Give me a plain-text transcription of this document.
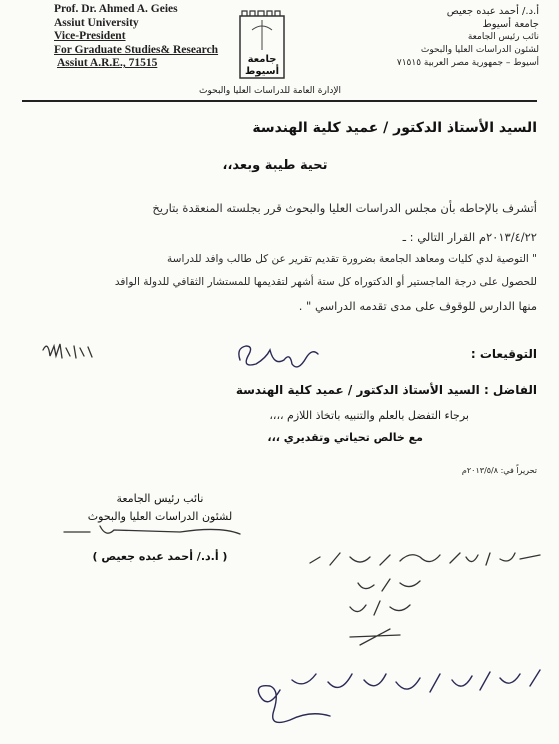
Prof. Dr. Ahmed A. Geies
Assiut University
Vice-President
For Graduate Studies& Research
Assiut A.R.E., 71515	جامعة
أسيوط
أ.د./ أحمد عبده جعيص
جامعة أسيوط
نائب رئيس الجامعة
لشئون الدراسات العليا والبحوث
أسيوط – جمهورية مصر العربية ٧١٥١٥
الإدارة العامة للدراسات العليا والبحوث
السيد الأستاذ الدكتور / عميد كلية الهندسة
تحية طيبة وبعد،،
أتشرف بالإحاطه بأن مجلس الدراسات العليا والبحوث قرر بجلسته المنعقدة بتاريخ
٢٠١٣/٤/٢٢م القرار التالي : ـ
" التوصية لدي كليات ومعاهد الجامعة بضرورة تقديم تقرير عن كل طالب وافد للدراسة
للحصول على درجة الماجستير أو الدكتوراه كل ستة أشهر لتقديمها للمستشار الثقافي للدولة الوافد
منها الدارس للوقوف على مدى تقدمه الدراسي " .
التوقيعات :
الفاضل : السيد الأستاذ الدكتور / عميد كلية الهندسة
برجاء التفضل بالعلم والتنبيه باتخاذ اللازم ،،،،
مع خالص تحياتي وتقديري ،،،
تحريراً في: ٢٠١٣/٥/٨م
نائب رئيس الجامعة
لشئون الدراسات العليا والبحوث
( أ.د./ أحمد عبده جعيص )
